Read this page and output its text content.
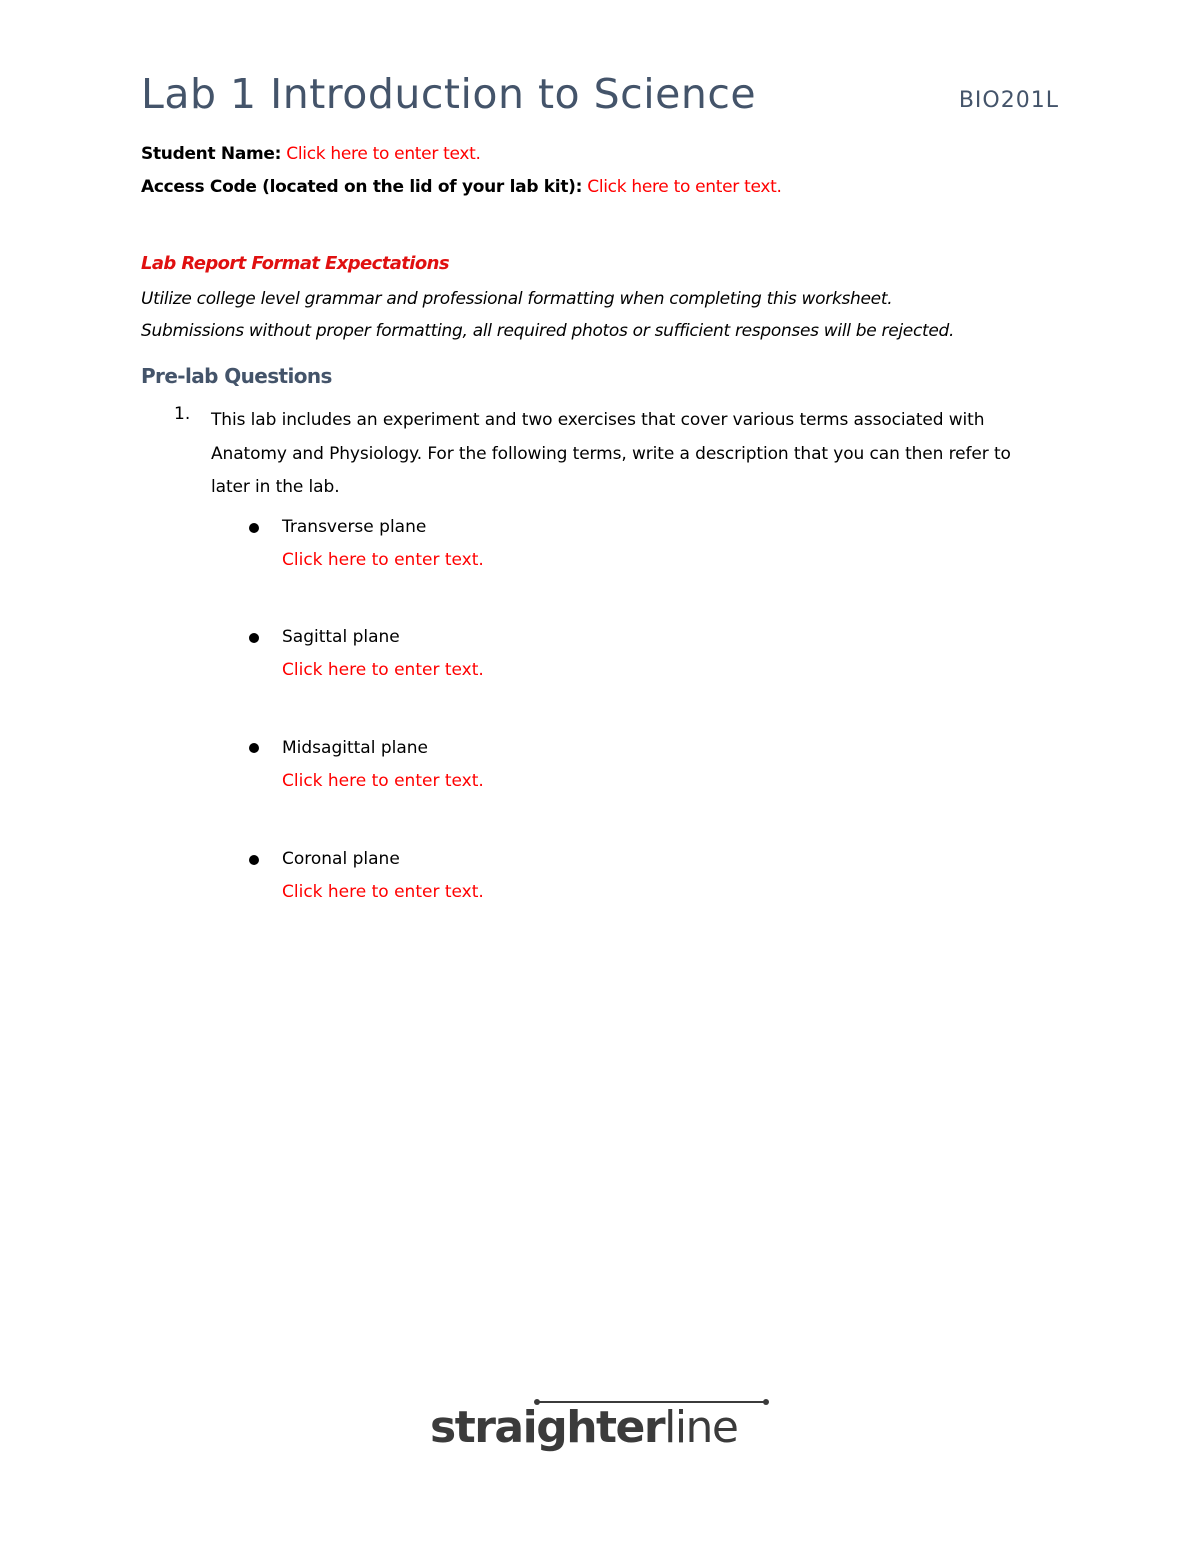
Lab 1 Introduction to Science	BIO201L
Student Name: Click here to enter text.
Access Code (located on the lid of your lab kit): Click here to enter text.
Lab Report Format Expectations
Utilize college level grammar and professional formatting when completing this worksheet.
Submissions without proper formatting, all required photos or sufficient responses will be rejected.
Pre-lab Questions
1. This lab includes an experiment and two exercises that cover various terms associated with

Anatomy and Physiology. For the following terms, write a description that you can then refer to

later in the lab.

Transverse plane
Click here to enter text.
Sagittal plane
Click here to enter text.
Midsagittal plane
Click here to enter text.
Coronal plane
Click here to enter text.
straighterline
